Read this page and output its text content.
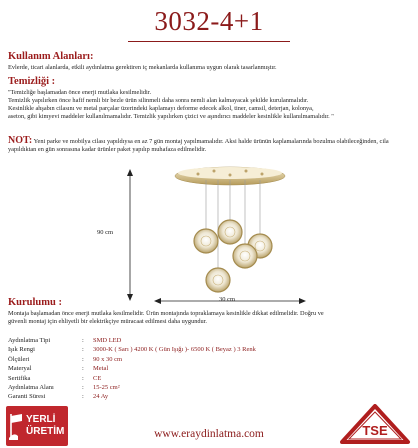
3032-4+1
Kullanım Alanları:
Evlerde, ticari alanlarda, etkili aydınlatma gerektiren iç mekanlarda kullanıma uygun olarak tasarlanmıştır.
Temizliği :
"Temizliğe başlamadan önce enerji mutlaka kesilmelidir.
Temizlik yapılırken önce hafif nemli bir bezle ürün silinmeli daha sonra nemli alan kalmayacak şekilde kurulanmalıdır.
Kesinlikle ahşabın cilasını ve metal parçalar üzerindeki kaplamayı deforme edecek alkol, tiner, camsil, deterjan, kolonya,
aseton, gibi kimyevi maddeler kullanılmamalıdır. Temizlik yapılırken çizici ve aşındırıcı maddeler kesinlikle kullanılmamalıdır. "
NOT: Yeni parke ve mobilya cilası yapıldıysa en az 7 gün montaj yapılmamalıdır. Aksi halde ürünün kaplamalarında bozulma olabileceğinden, cila
yapıldıktan en gün sonrasına kadar ürünler paket yapılıp muhafaza edilmelidir.
90 cm
30 cm
Kurulumu :
Montaja başlamadan önce enerji mutlaka kesilmelidir. Ürün montajında topraklamaya kesinlikle dikkat edilmelidir. Doğru ve
güvenli montaj için ehliyetli bir elektrikçiye müracaat edilmesi daha uygundur.
Aydınlatma Tipi	: SMD LED
Işık Rengi	: 3000-K ( Sarı ) 4200 K ( Gün Işığı )- 6500 K ( Beyaz ) 3 Renk
Ölçüleri	: 90 x 30 cm
Materyal	: Metal
Sertifika	: CE
Aydınlatma Alanı	: 15-25 cm²
Garanti Süresi	: 24 Ay
YERLİ
ÜRETİM	www.eraydinlatma.com	TSE
